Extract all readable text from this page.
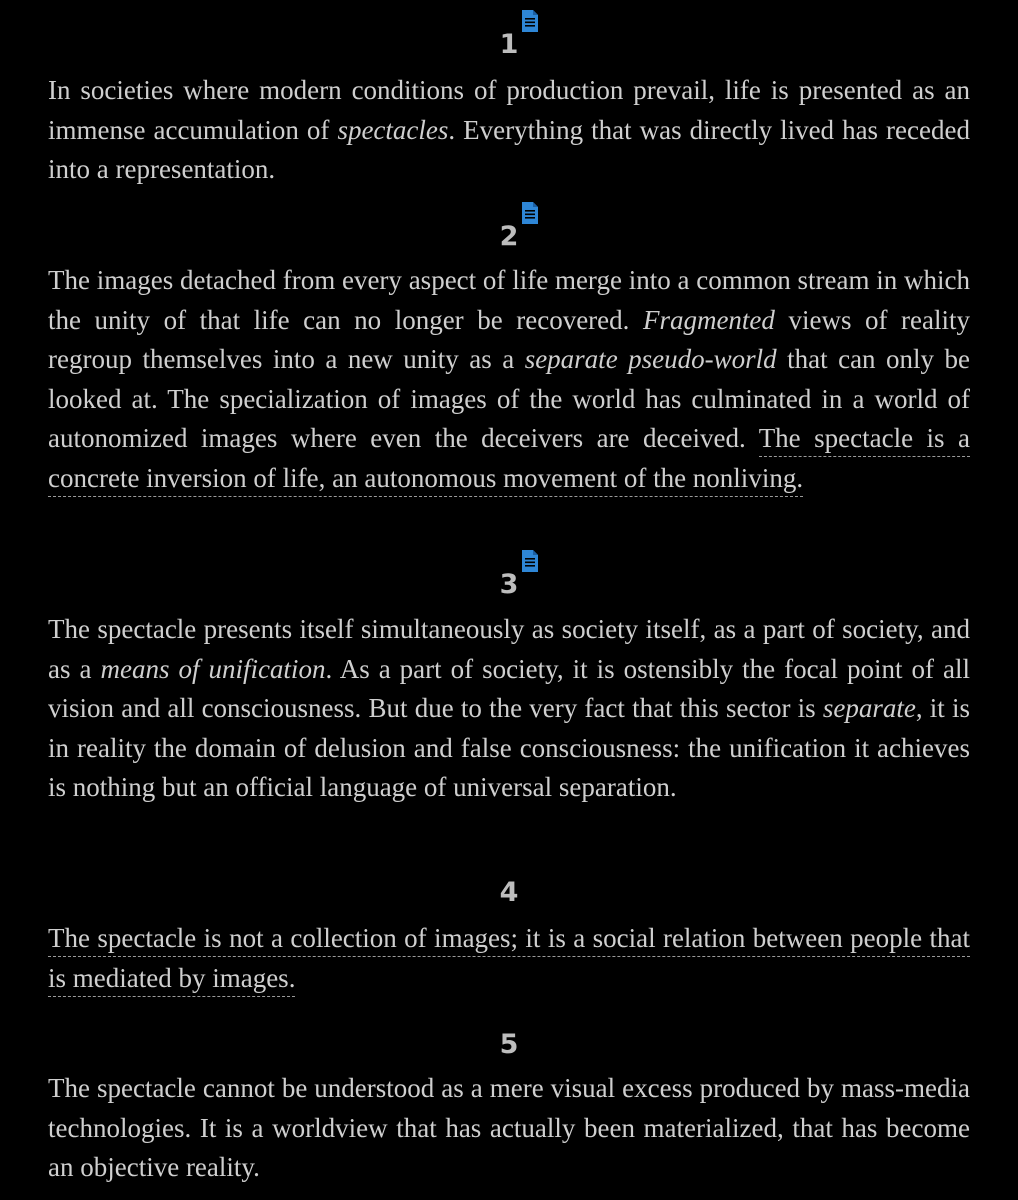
1

In societies where modern conditions of production prevail, life is presented as an immense accumulation of spectacles. Everything that was directly lived has receded into a representation.

2

The images detached from every aspect of life merge into a common stream in which the unity of that life can no longer be recovered. Fragmented views of reality regroup themselves into a new unity as a separate pseudo-world that can only be looked at. The specialization of images of the world has culminated in a world of autonomized images where even the deceivers are deceived. The spectacle is a concrete inversion of life, an autonomous movement of the nonliving.

3

The spectacle presents itself simultaneously as society itself, as a part of society, and as a means of unification. As a part of society, it is ostensibly the focal point of all vision and all consciousness. But due to the very fact that this sector is separate, it is in reality the domain of delusion and false consciousness: the unification it achieves is nothing but an official language of universal separation.

4

The spectacle is not a collection of images; it is a social relation between people that is mediated by images.

5

The spectacle cannot be understood as a mere visual excess produced by mass-media technologies. It is a worldview that has actually been materialized, that has become an objective reality.
